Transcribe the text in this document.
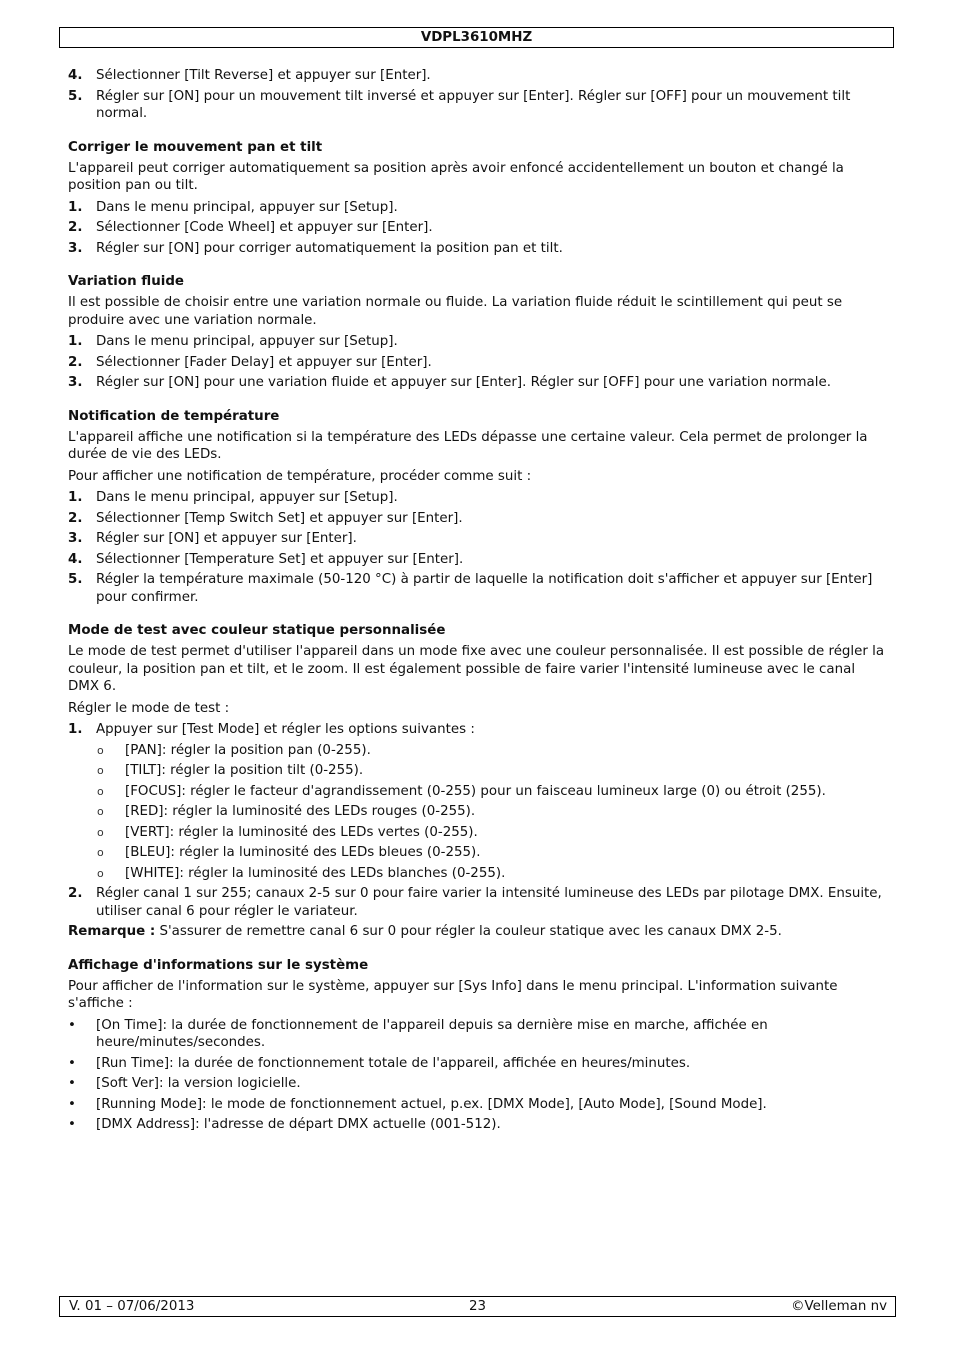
VDPL3610MHZ
4. Sélectionner [Tilt Reverse] et appuyer sur [Enter].
5. Régler sur [ON] pour un mouvement tilt inversé et appuyer sur [Enter]. Régler sur [OFF] pour un mouvement tilt normal.
Corriger le mouvement pan et tilt

L'appareil peut corriger automatiquement sa position après avoir enfoncé accidentellement un bouton et changé la position pan ou tilt.

1. Dans le menu principal, appuyer sur [Setup].
2. Sélectionner [Code Wheel] et appuyer sur [Enter].
3. Régler sur [ON] pour corriger automatiquement la position pan et tilt.
Variation fluide

Il est possible de choisir entre une variation normale ou fluide. La variation fluide réduit le scintillement qui peut se produire avec une variation normale.

1. Dans le menu principal, appuyer sur [Setup].
2. Sélectionner [Fader Delay] et appuyer sur [Enter].
3. Régler sur [ON] pour une variation fluide et appuyer sur [Enter]. Régler sur [OFF] pour une variation normale.
Notification de température

L'appareil affiche une notification si la température des LEDs dépasse une certaine valeur. Cela permet de prolonger la durée de vie des LEDs.

Pour afficher une notification de température, procéder comme suit :

1. Dans le menu principal, appuyer sur [Setup].
2. Sélectionner [Temp Switch Set] et appuyer sur [Enter].
3. Régler sur [ON] et appuyer sur [Enter].
4. Sélectionner [Temperature Set] et appuyer sur [Enter].
5. Régler la température maximale (50-120 °C) à partir de laquelle la notification doit s'afficher et appuyer sur [Enter] pour confirmer.
Mode de test avec couleur statique personnalisée

Le mode de test permet d'utiliser l'appareil dans un mode fixe avec une couleur personnalisée. Il est possible de régler la couleur, la position pan et tilt, et le zoom. Il est également possible de faire varier l'intensité lumineuse avec le canal DMX 6.

Régler le mode de test :

1. Appuyer sur [Test Mode] et régler les options suivantes :
o [PAN]: régler la position pan (0-255).
o [TILT]: régler la position tilt (0-255).
o [FOCUS]: régler le facteur d'agrandissement (0-255) pour un faisceau lumineux large (0) ou étroit (255).
o [RED]: régler la luminosité des LEDs rouges (0-255).
o [VERT]: régler la luminosité des LEDs vertes (0-255).
o [BLEU]: régler la luminosité des LEDs bleues (0-255).
o [WHITE]: régler la luminosité des LEDs blanches (0-255).
2. Régler canal 1 sur 255; canaux 2-5 sur 0 pour faire varier la intensité lumineuse des LEDs par pilotage DMX. Ensuite, utiliser canal 6 pour régler le variateur.

Remarque : S'assurer de remettre canal 6 sur 0 pour régler la couleur statique avec les canaux DMX 2-5.

Affichage d'informations sur le système

Pour afficher de l'information sur le système, appuyer sur [Sys Info] dans le menu principal. L'information suivante s'affiche :

• [On Time]: la durée de fonctionnement de l'appareil depuis sa dernière mise en marche, affichée en heure/minutes/secondes.
• [Run Time]: la durée de fonctionnement totale de l'appareil, affichée en heures/minutes.
• [Soft Ver]: la version logicielle.
• [Running Mode]: le mode de fonctionnement actuel, p.ex. [DMX Mode], [Auto Mode], [Sound Mode].
• [DMX Address]: l'adresse de départ DMX actuelle (001-512).
V. 01 – 07/06/2013	23	©Velleman nv
